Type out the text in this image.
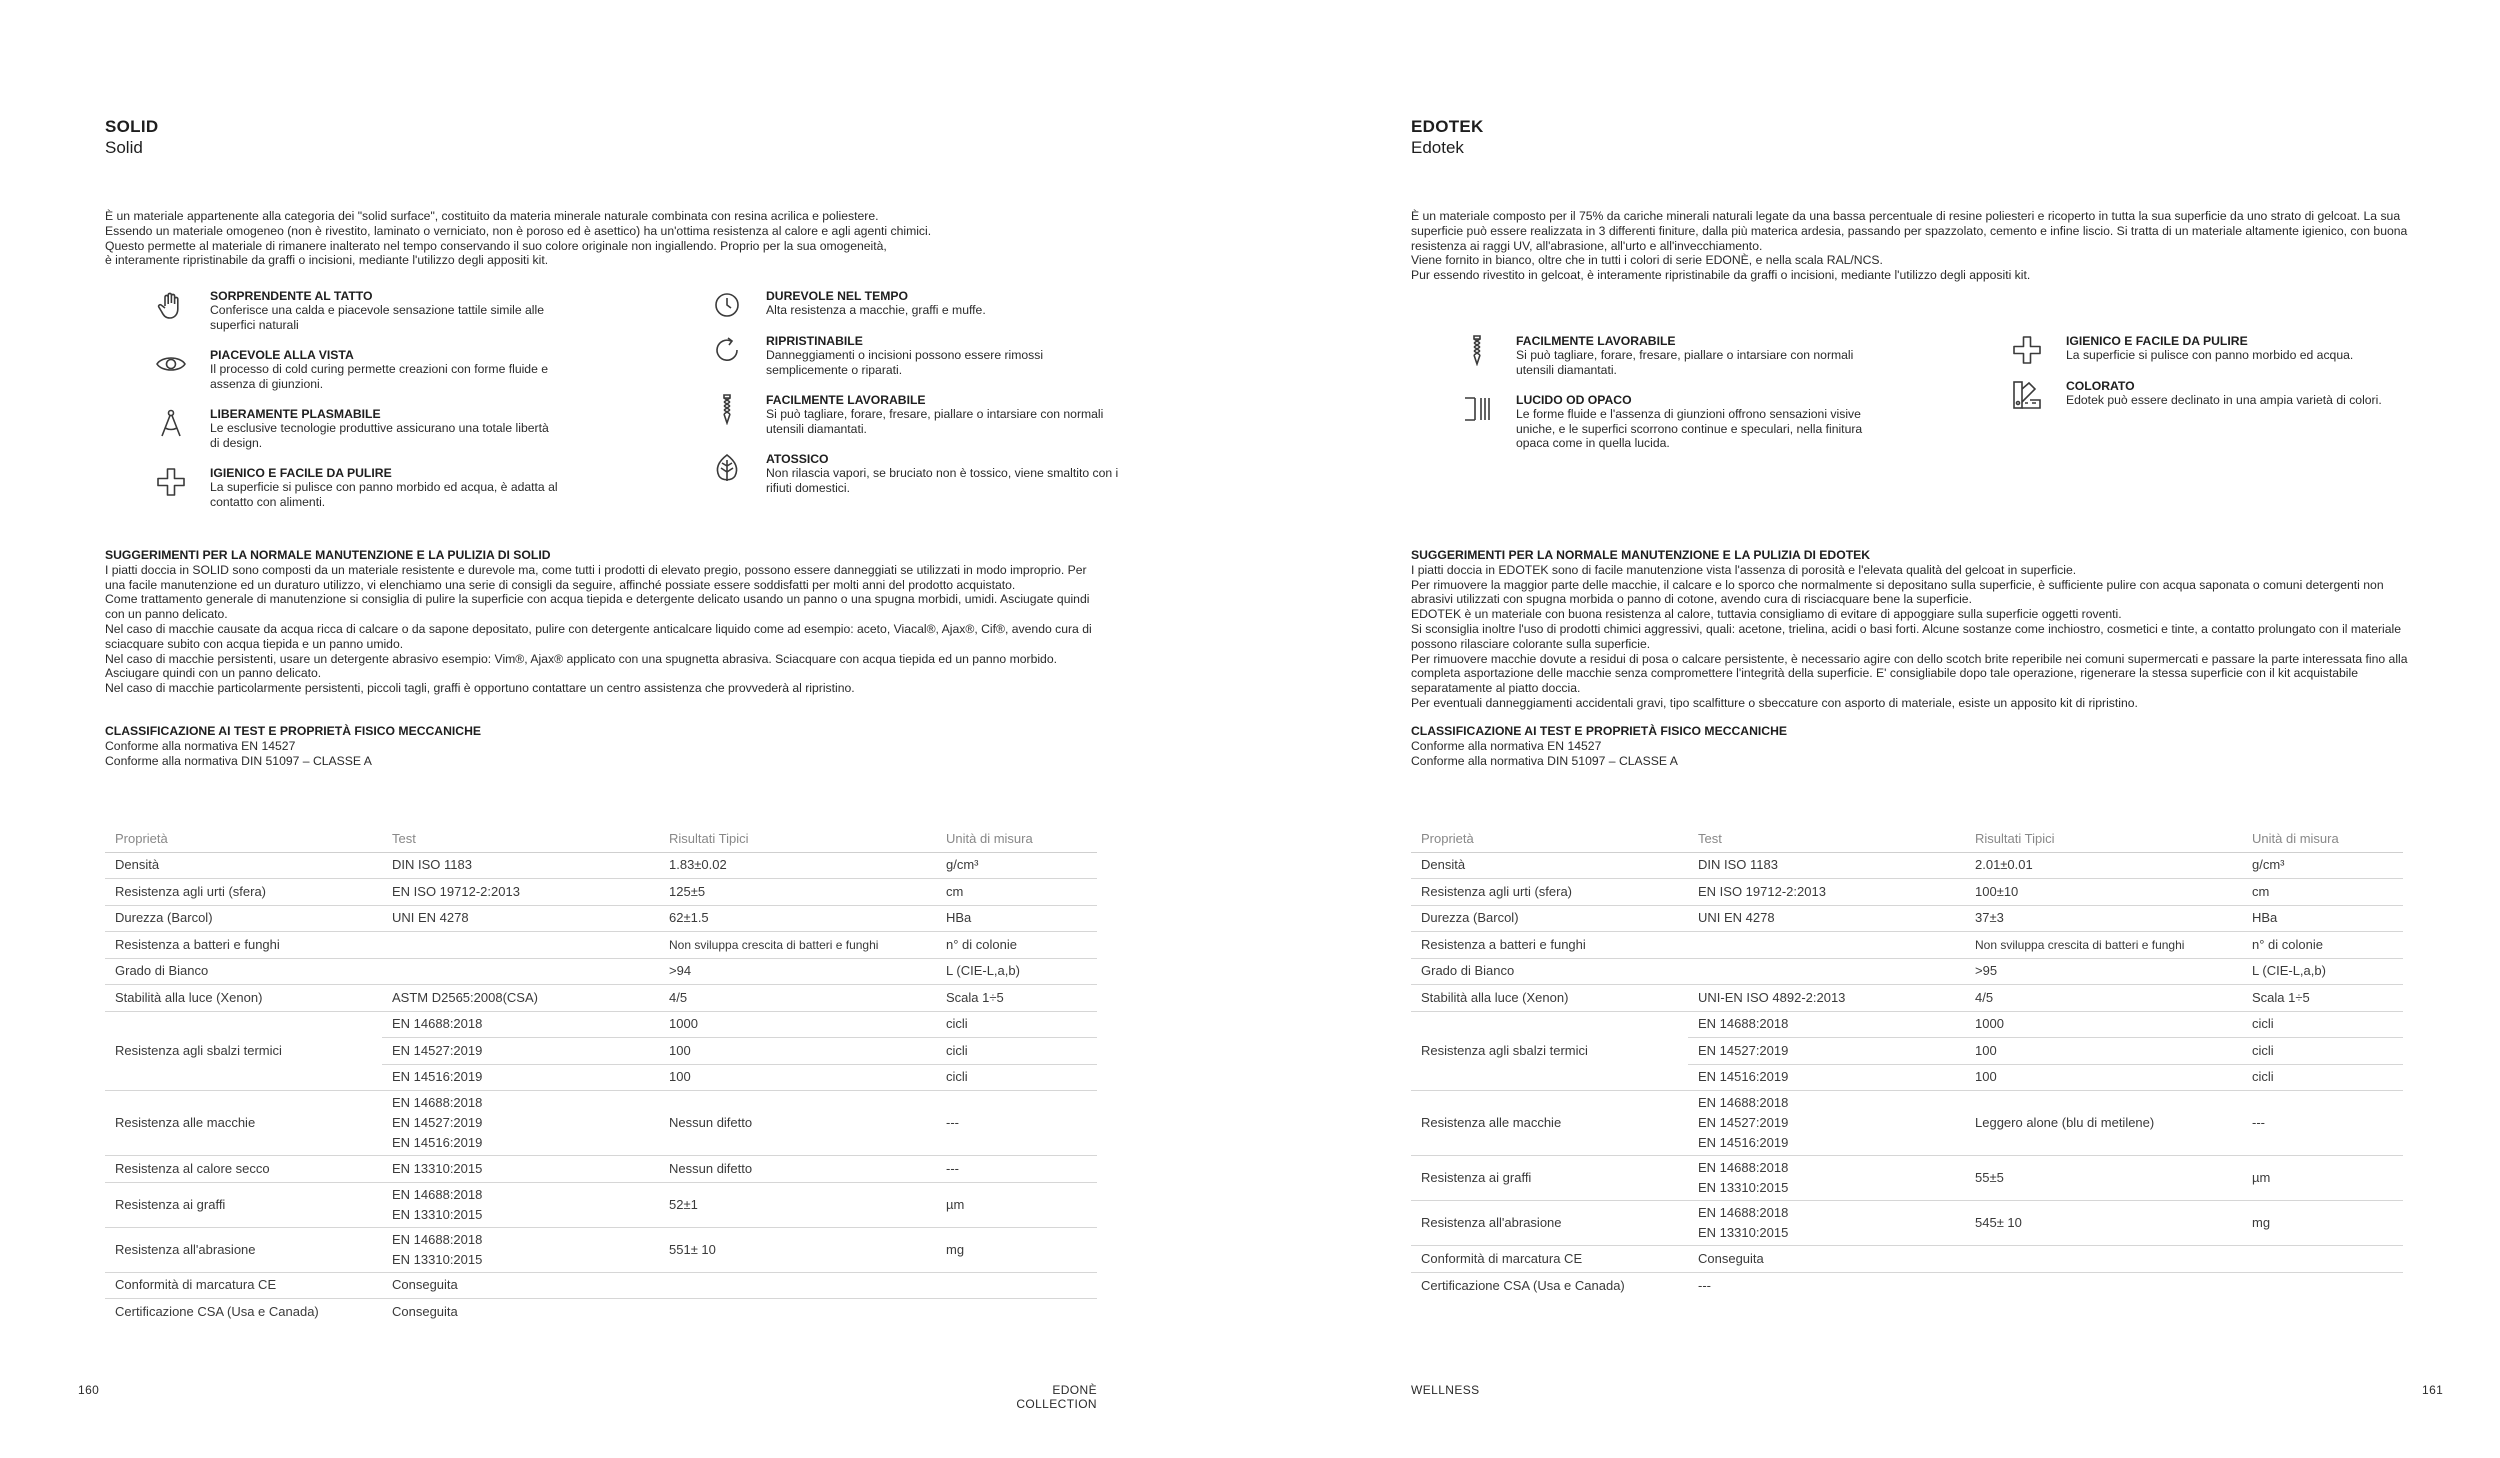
SOLID
Solid

È un materiale appartenente alla categoria dei "solid surface", costituito da materia minerale naturale combinata con resina acrilica e poliestere.

Essendo un materiale omogeneo (non è rivestito, laminato o verniciato, non è poroso ed è asettico) ha un'ottima resistenza al calore e agli agenti chimici.

Questo permette al materiale di rimanere inalterato nel tempo conservando il suo colore originale non ingiallendo. Proprio per la sua omogeneità,

è interamente ripristinabile da graffi o incisioni, mediante l'utilizzo degli appositi kit.

SORPRENDENTE AL TATTO
Conferisce una calda e piacevole sensazione tattile simile alle superfici naturali
PIACEVOLE ALLA VISTA
Il processo di cold curing permette creazioni con forme fluide e assenza di giunzioni.
LIBERAMENTE PLASMABILE
Le esclusive tecnologie produttive assicurano una totale libertà di design.
IGIENICO E FACILE DA PULIRE
La superficie si pulisce con panno morbido ed acqua, è adatta al contatto con alimenti.
DUREVOLE NEL TEMPO
Alta resistenza a macchie, graffi e muffe.
RIPRISTINABILE
Danneggiamenti o incisioni possono essere rimossi semplicemente o riparati.
FACILMENTE LAVORABILE
Si può tagliare, forare, fresare, piallare o intarsiare con normali utensili diamantati.
ATOSSICO
Non rilascia vapori, se bruciato non è tossico, viene smaltito con i rifiuti domestici.
SUGGERIMENTI PER LA NORMALE MANUTENZIONE E LA PULIZIA DI SOLID

I piatti doccia in SOLID sono composti da un materiale resistente e durevole ma, come tutti i prodotti di elevato pregio, possono essere danneggiati se utilizzati in modo improprio. Per una facile manutenzione ed un duraturo utilizzo, vi elenchiamo una serie di consigli da seguire, affinché possiate essere soddisfatti per molti anni del prodotto acquistato.

Come trattamento generale di manutenzione si consiglia di pulire la superficie con acqua tiepida e detergente delicato usando un panno o una spugna morbidi, umidi. Asciugate quindi con un panno delicato.

Nel caso di macchie causate da acqua ricca di calcare o da sapone depositato, pulire con detergente anticalcare liquido come ad esempio: aceto, Viacal®, Ajax®, Cif®, avendo cura di sciacquare subito con acqua tiepida e un panno umido.

Nel caso di macchie persistenti, usare un detergente abrasivo esempio: Vim®, Ajax® applicato con una spugnetta abrasiva. Sciacquare con acqua tiepida ed un panno morbido. Asciugare quindi con un panno delicato.

Nel caso di macchie particolarmente persistenti, piccoli tagli, graffi è opportuno contattare un centro assistenza che provvederà al ripristino.

CLASSIFICAZIONE AI TEST E PROPRIETÀ FISICO MECCANICHE
Conforme alla normativa EN 14527
Conforme alla normativa DIN 51097 – CLASSE A
Proprietà	Test	Risultati Tipici	Unità di misura
Densità	DIN ISO 1183	1.83±0.02	g/cm³
Resistenza agli urti (sfera)	EN ISO 19712-2:2013	125±5	cm
Durezza (Barcol)	UNI EN 4278	62±1.5	HBa
Resistenza a batteri e funghi		Non sviluppa crescita di batteri e funghi	n° di colonie
Grado di Bianco		>94	L (CIE-L,a,b)
Stabilità alla luce (Xenon)	ASTM D2565:2008(CSA)	4/5	Scala 1÷5
Resistenza agli sbalzi termici	EN 14688:2018	1000	cicli
	EN 14527:2019	100	cicli
	EN 14516:2019	100	cicli
Resistenza alle macchie	EN 14688:2018
EN 14527:2019
EN 14516:2019	Nessun difetto	---
Resistenza al calore secco	EN 13310:2015	Nessun difetto	---
Resistenza ai graffi	EN 14688:2018
EN 13310:2015	52±1	µm
Resistenza all'abrasione	EN 14688:2018
EN 13310:2015	551± 10	mg
Conformità di marcatura CE	Conseguita		
Certificazione CSA (Usa e Canada)	Conseguita		
160	EDONÈ COLLECTION
EDOTEK
Edotek

È un materiale composto per il 75% da cariche minerali naturali legate da una bassa percentuale di resine poliesteri e ricoperto in tutta la sua superficie da uno strato di gelcoat. La sua superficie può essere realizzata in 3 differenti finiture, dalla più materica ardesia, passando per spazzolato, cemento e infine liscio. Si tratta di un materiale altamente igienico, con buona resistenza ai raggi UV, all'abrasione, all'urto e all'invecchiamento.

Viene fornito in bianco, oltre che in tutti i colori di serie EDONÈ, e nella scala RAL/NCS.

Pur essendo rivestito in gelcoat, è interamente ripristinabile da graffi o incisioni, mediante l'utilizzo degli appositi kit.

FACILMENTE LAVORABILE
Si può tagliare, forare, fresare, piallare o intarsiare con normali utensili diamantati.
LUCIDO OD OPACO
Le forme fluide e l'assenza di giunzioni offrono sensazioni visive uniche, e le superfici scorrono continue e speculari, nella finitura opaca come in quella lucida.
IGIENICO E FACILE DA PULIRE
La superficie si pulisce con panno morbido ed acqua.
COLORATO
Edotek può essere declinato in una ampia varietà di colori.
SUGGERIMENTI PER LA NORMALE MANUTENZIONE E LA PULIZIA DI EDOTEK

I piatti doccia in EDOTEK sono di facile manutenzione vista l'assenza di porosità e l'elevata qualità del gelcoat in superficie.

Per rimuovere la maggior parte delle macchie, il calcare e lo sporco che normalmente si depositano sulla superficie, è sufficiente pulire con acqua saponata o comuni detergenti non abrasivi utilizzati con spugna morbida o panno di cotone, avendo cura di risciacquare bene la superficie.

EDOTEK è un materiale con buona resistenza al calore, tuttavia consigliamo di evitare di appoggiare sulla superficie oggetti roventi.

Si sconsiglia inoltre l'uso di prodotti chimici aggressivi, quali: acetone, trielina, acidi o basi forti. Alcune sostanze come inchiostro, cosmetici e tinte, a contatto prolungato con il materiale possono rilasciare colorante sulla superficie.

Per rimuovere macchie dovute a residui di posa o calcare persistente, è necessario agire con dello scotch brite reperibile nei comuni supermercati e passare la parte interessata fino alla completa asportazione delle macchie senza compromettere l'integrità della superficie. E' consigliabile dopo tale operazione, rigenerare la stessa superficie con il kit acquistabile separatamente al piatto doccia.

Per eventuali danneggiamenti accidentali gravi, tipo scalfitture o sbeccature con asporto di materiale, esiste un apposito kit di ripristino.

CLASSIFICAZIONE AI TEST E PROPRIETÀ FISICO MECCANICHE
Conforme alla normativa EN 14527
Conforme alla normativa DIN 51097 – CLASSE A
Proprietà	Test	Risultati Tipici	Unità di misura
Densità	DIN ISO 1183	2.01±0.01	g/cm³
Resistenza agli urti (sfera)	EN ISO 19712-2:2013	100±10	cm
Durezza (Barcol)	UNI EN 4278	37±3	HBa
Resistenza a batteri e funghi		Non sviluppa crescita di batteri e funghi	n° di colonie
Grado di Bianco		>95	L (CIE-L,a,b)
Stabilità alla luce (Xenon)	UNI-EN ISO 4892-2:2013	4/5	Scala 1÷5
Resistenza agli sbalzi termici	EN 14688:2018	1000	cicli
	EN 14527:2019	100	cicli
	EN 14516:2019	100	cicli
Resistenza alle macchie	EN 14688:2018
EN 14527:2019
EN 14516:2019	Leggero alone (blu di metilene)	---
Resistenza ai graffi	EN 14688:2018
EN 13310:2015	55±5	µm
Resistenza all'abrasione	EN 14688:2018
EN 13310:2015	545± 10	mg
Conformità di marcatura CE	Conseguita		
Certificazione CSA (Usa e Canada)	---		
WELLNESS	161
